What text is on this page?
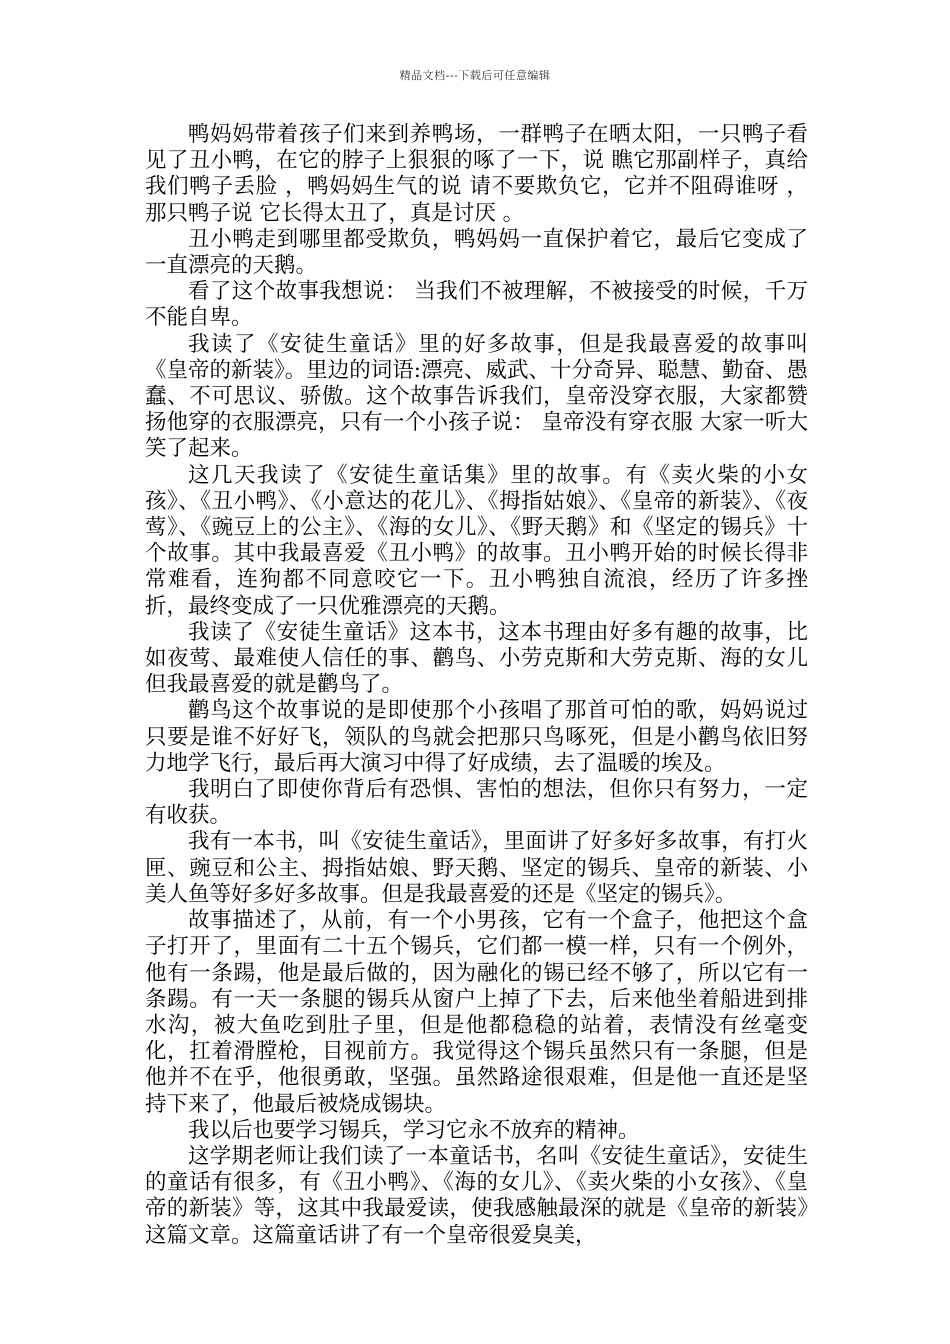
精品文档---下载后可任意编辑

鸭妈妈带着孩子们来到养鸭场，一群鸭子在晒太阳，一只鸭子看见了丑小鸭，在它的脖子上狠狠的啄了一下，说 瞧它那副样子，真给我们鸭子丢脸 ，鸭妈妈生气的说 请不要欺负它，它并不阻碍谁呀 ，那只鸭子说 它长得太丑了，真是讨厌 。

丑小鸭走到哪里都受欺负，鸭妈妈一直保护着它，最后它变成了一直漂亮的天鹅。

看了这个故事我想说： 当我们不被理解，不被接受的时候，千万不能自卑。

我读了《安徒生童话》里的好多故事，但是我最喜爱的故事叫《皇帝的新装》。里边的词语:漂亮、威武、十分奇异、聪慧、勤奋、愚蠢、不可思议、骄傲。这个故事告诉我们，皇帝没穿衣服，大家都赞扬他穿的衣服漂亮，只有一个小孩子说： 皇帝没有穿衣服 大家一听大笑了起来。

这几天我读了《安徒生童话集》里的故事。有《卖火柴的小女孩》、《丑小鸭》、《小意达的花儿》、《拇指姑娘》、《皇帝的新装》、《夜莺》、《豌豆上的公主》、《海的女儿》、《野天鹅》和《坚定的锡兵》十个故事。其中我最喜爱《丑小鸭》的故事。丑小鸭开始的时候长得非常难看，连狗都不同意咬它一下。丑小鸭独自流浪，经历了许多挫折，最终变成了一只优雅漂亮的天鹅。

我读了《安徒生童话》这本书，这本书理由好多有趣的故事，比如夜莺、最难使人信任的事、鹳鸟、小劳克斯和大劳克斯、海的女儿 但我最喜爱的就是鹳鸟了。

鹳鸟这个故事说的是即使那个小孩唱了那首可怕的歌，妈妈说过只要是谁不好好飞，领队的鸟就会把那只鸟啄死，但是小鹳鸟依旧努力地学飞行，最后再大演习中得了好成绩，去了温暖的埃及。

我明白了即使你背后有恐惧、害怕的想法，但你只有努力，一定有收获。

我有一本书，叫《安徒生童话》，里面讲了好多好多故事，有打火匣、豌豆和公主、拇指姑娘、野天鹅、坚定的锡兵、皇帝的新装、小美人鱼等好多好多故事。但是我最喜爱的还是《坚定的锡兵》。

故事描述了，从前，有一个小男孩，它有一个盒子，他把这个盒子打开了，里面有二十五个锡兵，它们都一模一样，只有一个例外，他有一条踼，他是最后做的，因为融化的锡已经不够了，所以它有一条踼。有一天一条腿的锡兵从窗户上掉了下去，后来他坐着船进到排水沟，被大鱼吃到肚子里，但是他都稳稳的站着，表情没有丝毫变化，扛着滑膛枪，目视前方。我觉得这个锡兵虽然只有一条腿，但是他并不在乎，他很勇敢，坚强。虽然路途很艰难，但是他一直还是坚持下来了，他最后被烧成锡块。

我以后也要学习锡兵，学习它永不放弃的精神。

这学期老师让我们读了一本童话书，名叫《安徒生童话》，安徒生的童话有很多，有《丑小鸭》、《海的女儿》、《卖火柴的小女孩》、《皇帝的新装》等，这其中我最爱读，使我感触最深的就是《皇帝的新装》这篇文章。这篇童话讲了有一个皇帝很爱臭美，
